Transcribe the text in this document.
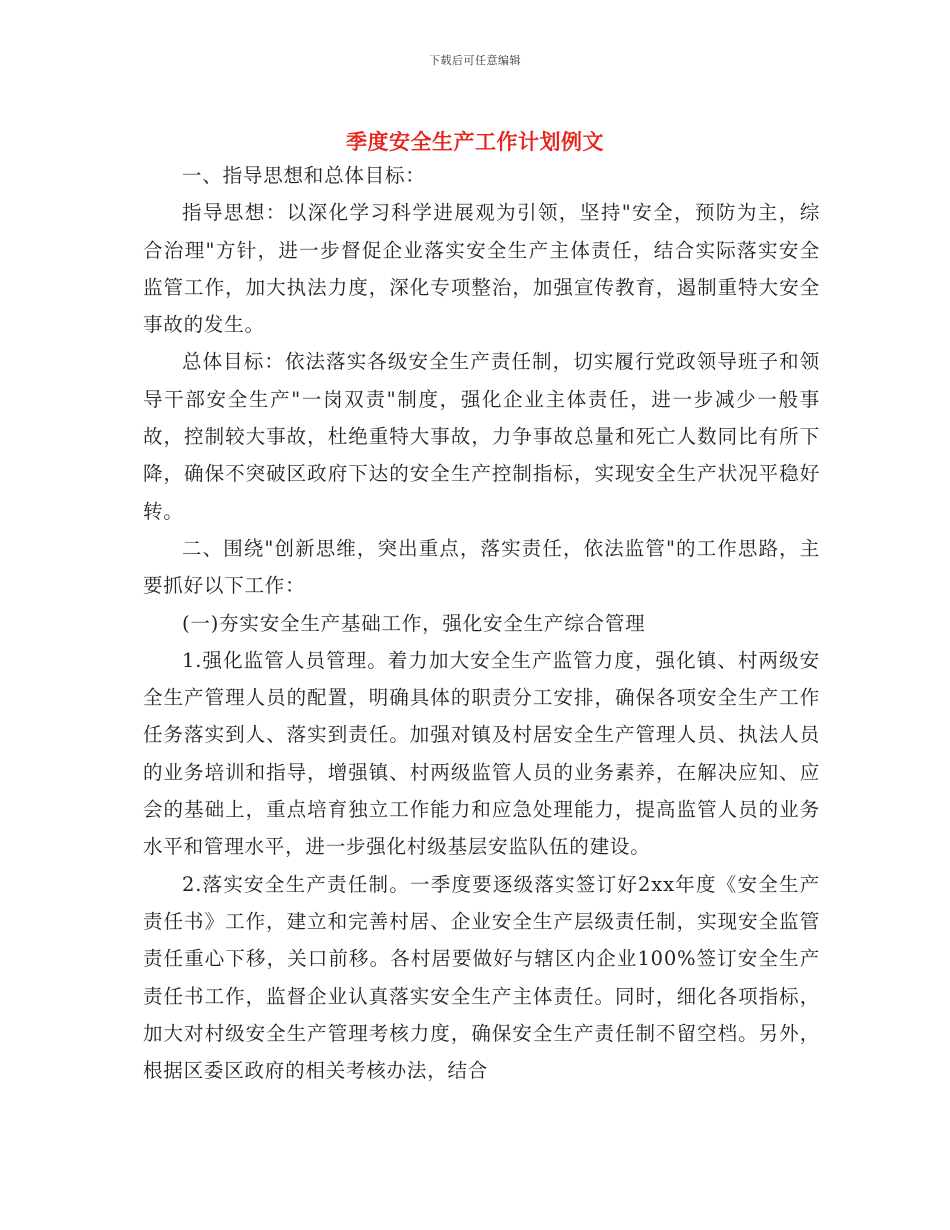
下载后可任意编辑
季度安全生产工作计划例文

一、指导思想和总体目标：

指导思想：以深化学习科学进展观为引领，坚持"安全，预防为主，综合治理"方针，进一步督促企业落实安全生产主体责任，结合实际落实安全监管工作，加大执法力度，深化专项整治，加强宣传教育，遏制重特大安全事故的发生。

总体目标：依法落实各级安全生产责任制，切实履行党政领导班子和领导干部安全生产"一岗双责"制度，强化企业主体责任，进一步减少一般事故，控制较大事故，杜绝重特大事故，力争事故总量和死亡人数同比有所下降，确保不突破区政府下达的安全生产控制指标，实现安全生产状况平稳好转。

二、围绕"创新思维，突出重点，落实责任，依法监管"的工作思路，主要抓好以下工作：

(一)夯实安全生产基础工作，强化安全生产综合管理

1.强化监管人员管理。着力加大安全生产监管力度，强化镇、村两级安全生产管理人员的配置，明确具体的职责分工安排，确保各项安全生产工作任务落实到人、落实到责任。加强对镇及村居安全生产管理人员、执法人员的业务培训和指导，增强镇、村两级监管人员的业务素养，在解决应知、应会的基础上，重点培育独立工作能力和应急处理能力，提高监管人员的业务水平和管理水平，进一步强化村级基层安监队伍的建设。

2.落实安全生产责任制。一季度要逐级落实签订好2xx年度《安全生产责任书》工作，建立和完善村居、企业安全生产层级责任制，实现安全监管责任重心下移，关口前移。各村居要做好与辖区内企业100%签订安全生产责任书工作，监督企业认真落实安全生产主体责任。同时，细化各项指标，加大对村级安全生产管理考核力度，确保安全生产责任制不留空档。另外，根据区委区政府的相关考核办法，结合
